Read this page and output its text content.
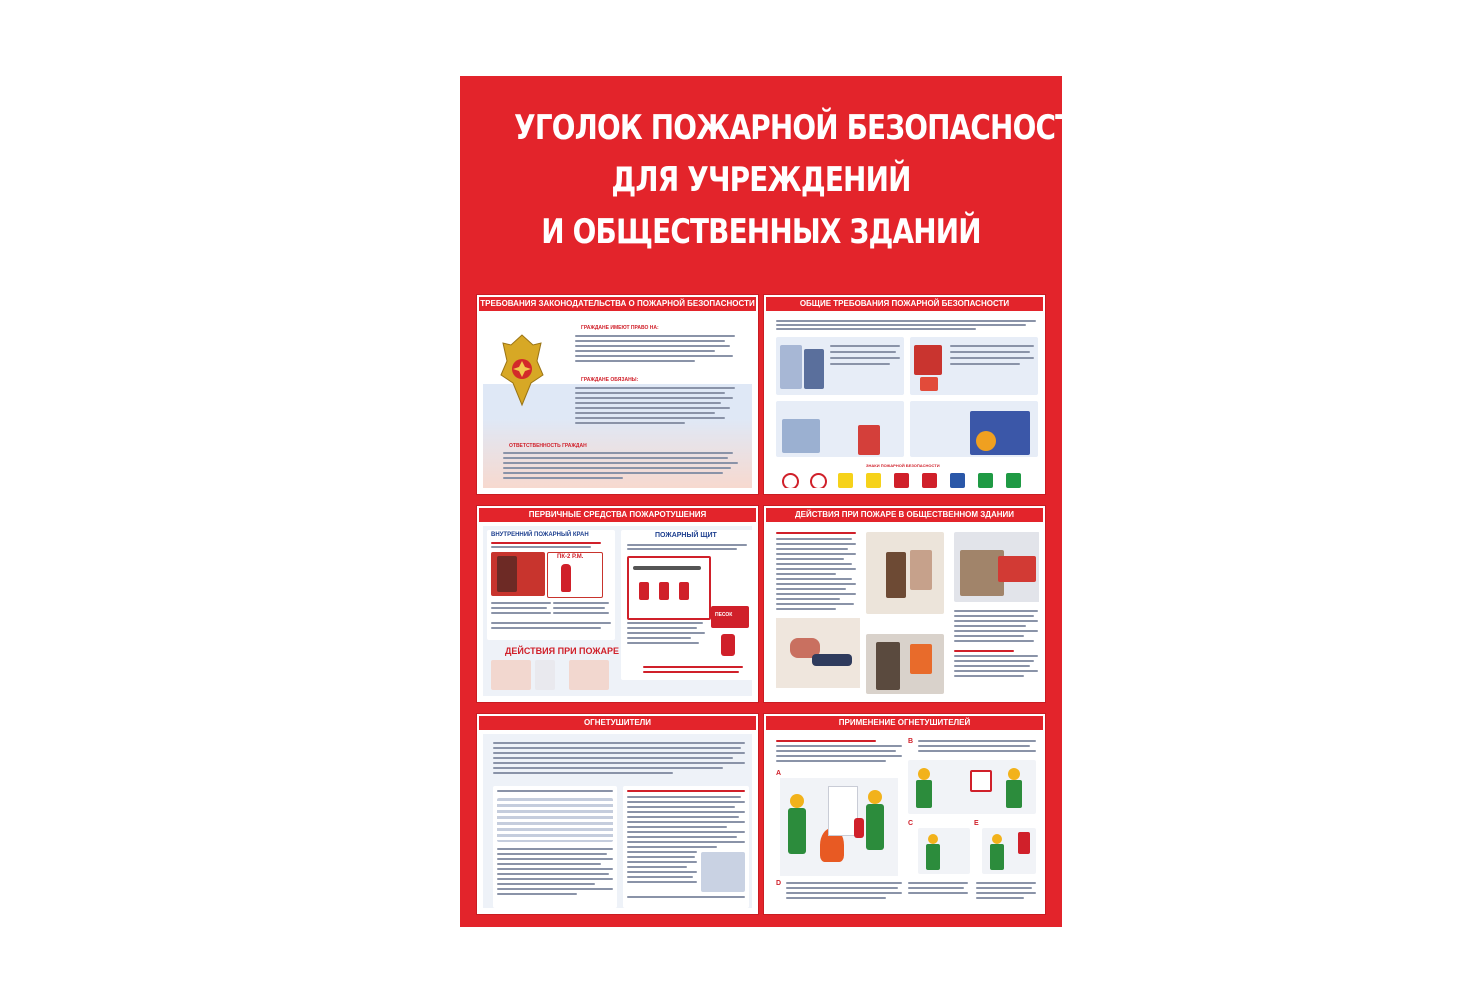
УГОЛОК ПОЖАРНОЙ БЕЗОПАСНОСТИ
ДЛЯ УЧРЕЖДЕНИЙ
И ОБЩЕСТВЕННЫХ ЗДАНИЙ
ТРЕБОВАНИЯ ЗАКОНОДАТЕЛЬСТВА О ПОЖАРНОЙ БЕЗОПАСНОСТИ
ГРАЖДАНЕ ИМЕЮТ ПРАВО НА:
ГРАЖДАНЕ ОБЯЗАНЫ:
ОТВЕТСТВЕННОСТЬ ГРАЖДАН
ОБЩИЕ ТРЕБОВАНИЯ ПОЖАРНОЙ БЕЗОПАСНОСТИ
ЗНАКИ ПОЖАРНОЙ БЕЗОПАСНОСТИ
ПЕРВИЧНЫЕ СРЕДСТВА ПОЖАРОТУШЕНИЯ
ВНУТРЕННИЙ ПОЖАРНЫЙ КРАН
ПК-2 Р.М.
ДЕЙСТВИЯ ПРИ ПОЖАРЕ
ПОЖАРНЫЙ ЩИТ
ПЕСОК
ДЕЙСТВИЯ ПРИ ПОЖАРЕ В ОБЩЕСТВЕННОМ ЗДАНИИ
ОГНЕТУШИТЕЛИ	ПРИМЕНЕНИЕ ОГНЕТУШИТЕЛЕЙ
А
В
С	E
D
